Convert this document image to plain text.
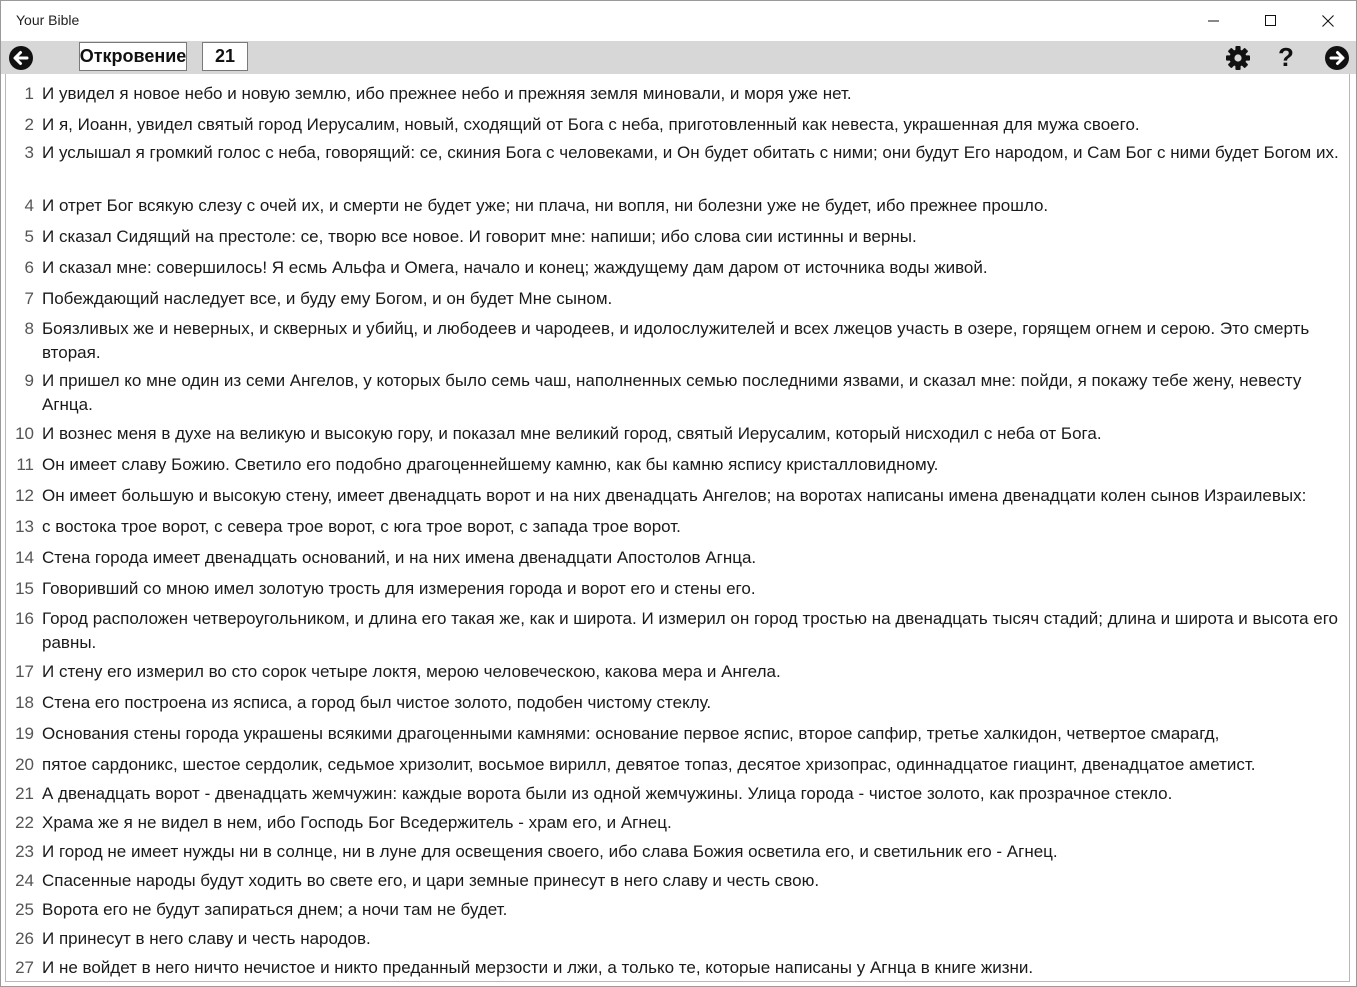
Your Bible
Откровение	21	?
1 И увидел я новое небо и новую землю, ибо прежнее небо и прежняя земля миновали, и моря уже нет.
2 И я, Иоанн, увидел святый город Иерусалим, новый, сходящий от Бога с неба, приготовленный как невеста, украшенная для мужа своего.
3 И услышал я громкий голос с неба, говорящий: се, скиния Бога с человеками, и Он будет обитать с ними; они будут Его народом, и Сам Бог с ними будет Богом их.
4 И отрет Бог всякую слезу с очей их, и смерти не будет уже; ни плача, ни вопля, ни болезни уже не будет, ибо прежнее прошло.
5 И сказал Сидящий на престоле: се, творю все новое. И говорит мне: напиши; ибо слова сии истинны и верны.
6 И сказал мне: совершилось! Я есмь Альфа и Омега, начало и конец; жаждущему дам даром от источника воды живой.
7 Побеждающий наследует все, и буду ему Богом, и он будет Мне сыном.
8 Боязливых же и неверных, и скверных и убийц, и любодеев и чародеев, и идолослужителей и всех лжецов участь в озере, горящем огнем и серою. Это смерть вторая.
9 И пришел ко мне один из семи Ангелов, у которых было семь чаш, наполненных семью последними язвами, и сказал мне: пойди, я покажу тебе жену, невесту Агнца.
10 И вознес меня в духе на великую и высокую гору, и показал мне великий город, святый Иерусалим, который нисходил с неба от Бога.
11 Он имеет славу Божию. Светило его подобно драгоценнейшему камню, как бы камню яспису кристалловидному.
12 Он имеет большую и высокую стену, имеет двенадцать ворот и на них двенадцать Ангелов; на воротах написаны имена двенадцати колен сынов Израилевых:
13 с востока трое ворот, с севера трое ворот, с юга трое ворот, с запада трое ворот.
14 Стена города имеет двенадцать оснований, и на них имена двенадцати Апостолов Агнца.
15 Говоривший со мною имел золотую трость для измерения города и ворот его и стены его.
16 Город расположен четвероугольником, и длина его такая же, как и широта. И измерил он город тростью на двенадцать тысяч стадий; длина и широта и высота его равны.
17 И стену его измерил во сто сорок четыре локтя, мерою человеческою, какова мера и Ангела.
18 Стена его построена из ясписа, а город был чистое золото, подобен чистому стеклу.
19 Основания стены города украшены всякими драгоценными камнями: основание первое яспис, второе сапфир, третье халкидон, четвертое смарагд,
20 пятое сардоникс, шестое сердолик, седьмое хризолит, восьмое вирилл, девятое топаз, десятое хризопрас, одиннадцатое гиацинт, двенадцатое аметист.
21 А двенадцать ворот - двенадцать жемчужин: каждые ворота были из одной жемчужины. Улица города - чистое золото, как прозрачное стекло.
22 Храма же я не видел в нем, ибо Господь Бог Вседержитель - храм его, и Агнец.
23 И город не имеет нужды ни в солнце, ни в луне для освещения своего, ибо слава Божия осветила его, и светильник его - Агнец.
24 Спасенные народы будут ходить во свете его, и цари земные принесут в него славу и честь свою.
25 Ворота его не будут запираться днем; а ночи там не будет.
26 И принесут в него славу и честь народов.
27 И не войдет в него ничто нечистое и никто преданный мерзости и лжи, а только те, которые написаны у Агнца в книге жизни.
